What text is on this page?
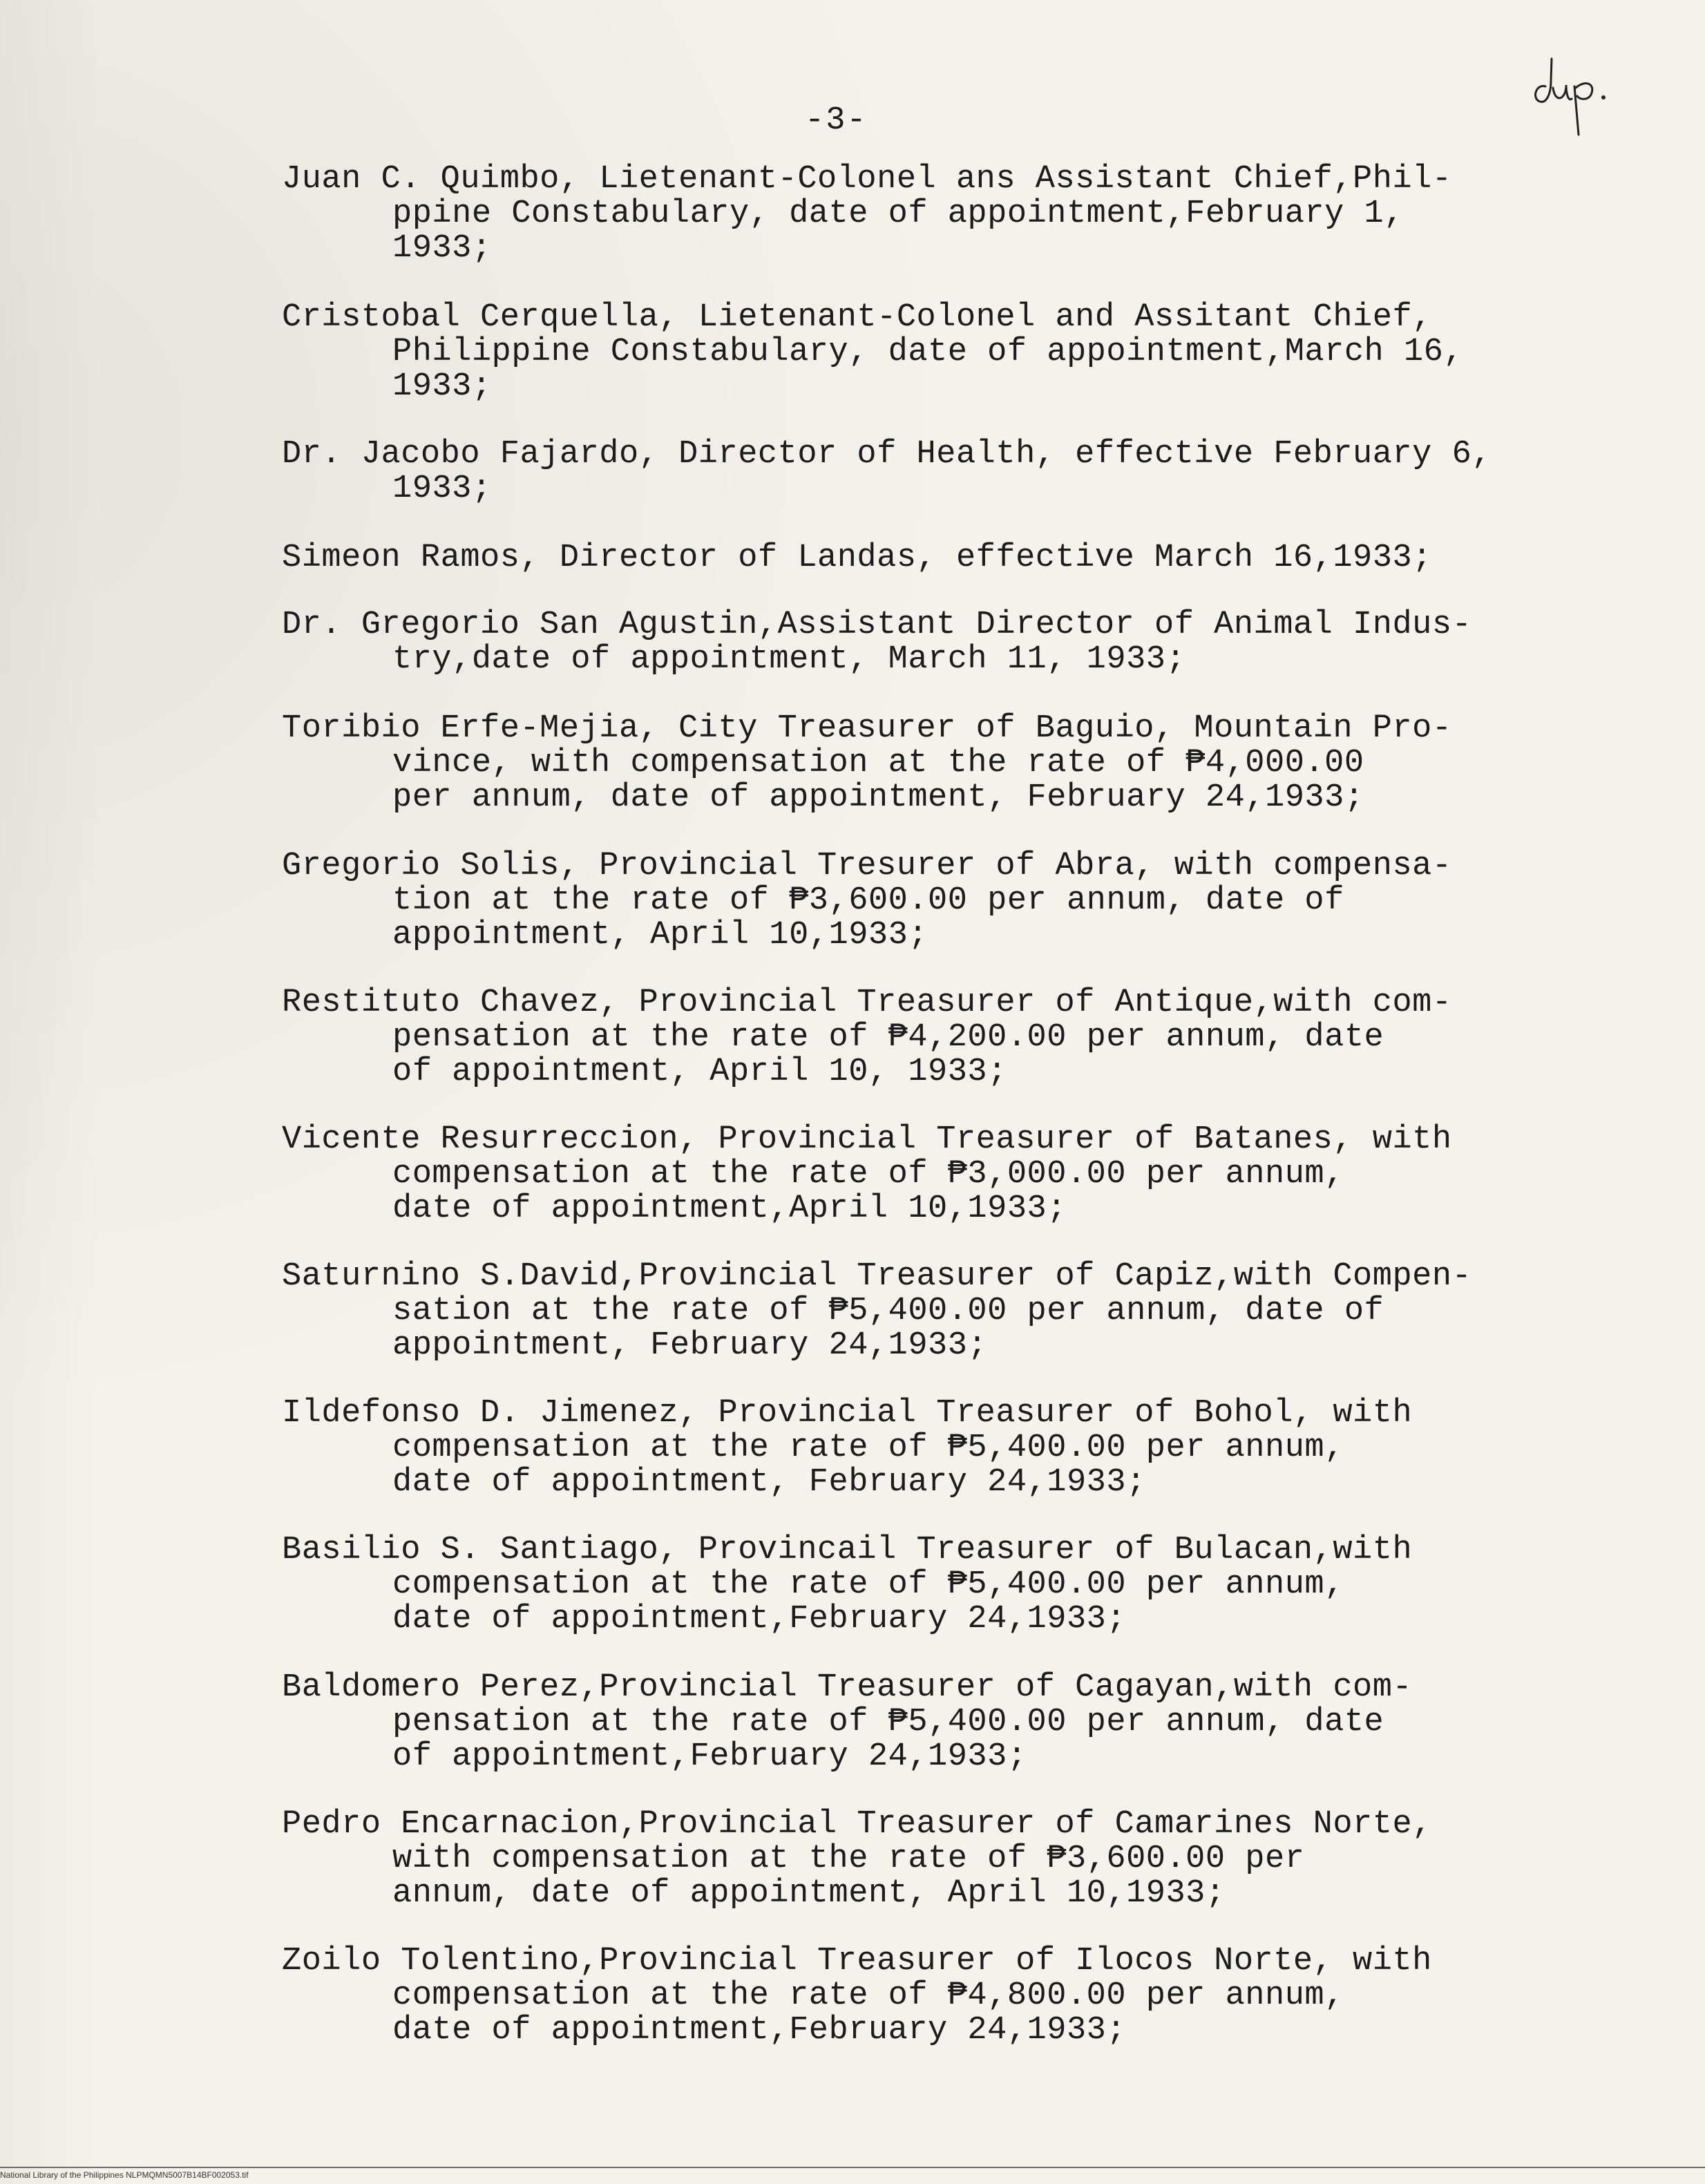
-3-
Juan C. Quimbo, Lietenant-Colonel ans Assistant Chief,Phil-
ppine Constabulary, date of appointment,February 1,
1933;
Cristobal Cerquella, Lietenant-Colonel and Assitant Chief,
Philippine Constabulary, date of appointment,March 16,
1933;
Dr. Jacobo Fajardo, Director of Health, effective February 6,
1933;
Simeon Ramos, Director of Landas, effective March 16,1933;
Dr. Gregorio San Agustin,Assistant Director of Animal Indus-
try,date of appointment, March 11, 1933;
Toribio Erfe-Mejia, City Treasurer of Baguio, Mountain Pro-
vince, with compensation at the rate of ₱4,000.00
per annum, date of appointment, February 24,1933;
Gregorio Solis, Provincial Tresurer of Abra, with compensa-
tion at the rate of ₱3,600.00 per annum, date of
appointment, April 10,1933;
Restituto Chavez, Provincial Treasurer of Antique,with com-
pensation at the rate of ₱4,200.00 per annum, date
of appointment, April 10, 1933;
Vicente Resurreccion, Provincial Treasurer of Batanes, with
compensation at the rate of ₱3,000.00 per annum,
date of appointment,April 10,1933;
Saturnino S.David,Provincial Treasurer of Capiz,with Compen-
sation at the rate of ₱5,400.00 per annum, date of
appointment, February 24,1933;
Ildefonso D. Jimenez, Provincial Treasurer of Bohol, with
compensation at the rate of ₱5,400.00 per annum,
date of appointment, February 24,1933;
Basilio S. Santiago, Provincail Treasurer of Bulacan,with
compensation at the rate of ₱5,400.00 per annum,
date of appointment,February 24,1933;
Baldomero Perez,Provincial Treasurer of Cagayan,with com-
pensation at the rate of ₱5,400.00 per annum, date
of appointment,February 24,1933;
Pedro Encarnacion,Provincial Treasurer of Camarines Norte,
with compensation at the rate of ₱3,600.00 per
annum, date of appointment, April 10,1933;
Zoilo Tolentino,Provincial Treasurer of Ilocos Norte, with
compensation at the rate of ₱4,800.00 per annum,
date of appointment,February 24,1933;
National Library of the Philippines NLPMQMN5007B14BF002053.tif
